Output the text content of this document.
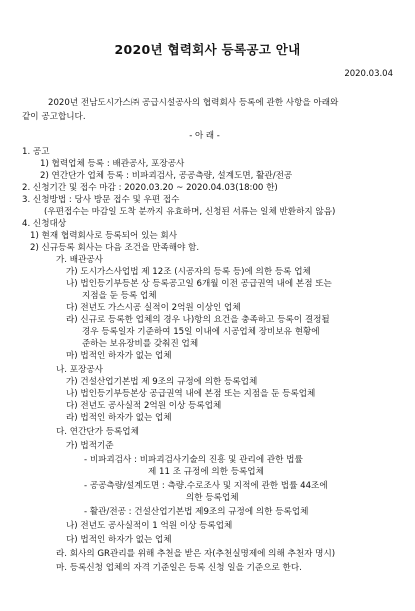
2020년 협력회사 등록공고 안내
2020.03.04
2020년 전남도시가스㈜ 공급시설공사의 협력회사 등록에 관한 사항을 아래와
같이 공고합니다.
- 아 래 -
1. 공고
1) 협력업체 등록 : 배관공사, 포장공사
2) 연간단가 업체 등록 : 비파괴검사, 공공측량, 설계도면, 활관/전공
2. 신청기간 및 접수 마감 : 2020.03.20 ~ 2020.04.03(18:00 한)
3. 신청방법 : 당사 방문 접수 및 우편 접수
(우편접수는 마감일 도착 분까지 유효하며, 신청된 서류는 일체 반환하지 않음)
4. 신청대상
1) 현재 협력회사로 등록되어 있는 회사
2) 신규등록 회사는 다음 조건을 만족해야 함.
가. 배관공사
가) 도시가스사업법 제 12조 (시공자의 등록 등)에 의한 등록 업체
나) 법인등기부등본 상 등록공고일 6개월 이전 공급권역 내에 본점 또는
지점을 둔 등록 업체
다) 전년도 가스시공 실적이 2억원 이상인 업체
라) 신규로 등록한 업체의 경우 나)항의 요건을 충족하고 등록이 결정될
경우 등록일자 기준하여 15일 이내에 시공업체 장비보유 현황에
준하는 보유장비를 갖춰진 업체
마) 법적인 하자가 없는 업체
나. 포장공사
가) 건설산업기본법 제 9조의 규정에 의한 등록업체
나) 법인등기부등본상 공급권역 내에 본점 또는 지점을 둔 등록업체
다) 전년도 공사실적 2억원 이상 등록업체
라) 법적인 하자가 없는 업체
다. 연간단가 등록업체
가) 법적기준
- 비파괴검사 : 비파괴검사기술의 진흥 및 관리에 관한 법률
제 11 조 규정에 의한 등록업체
- 공공측량/설계도면 : 측량.수로조사 및 지적에 관한 법률 44조에
의한 등록업체
- 활관/전공 : 건설산업기본법 제9조의 규정에 의한 등록업체
나) 전년도 공사실적이 1 억원 이상 등록업체
다) 법적인 하자가 없는 업체
라. 회사의 GR관리를 위해 추천을 받은 자(추천실명제에 의해 추천자 명시)
마. 등록신청 업체의 자격 기준일은 등록 신청 일을 기준으로 한다.
